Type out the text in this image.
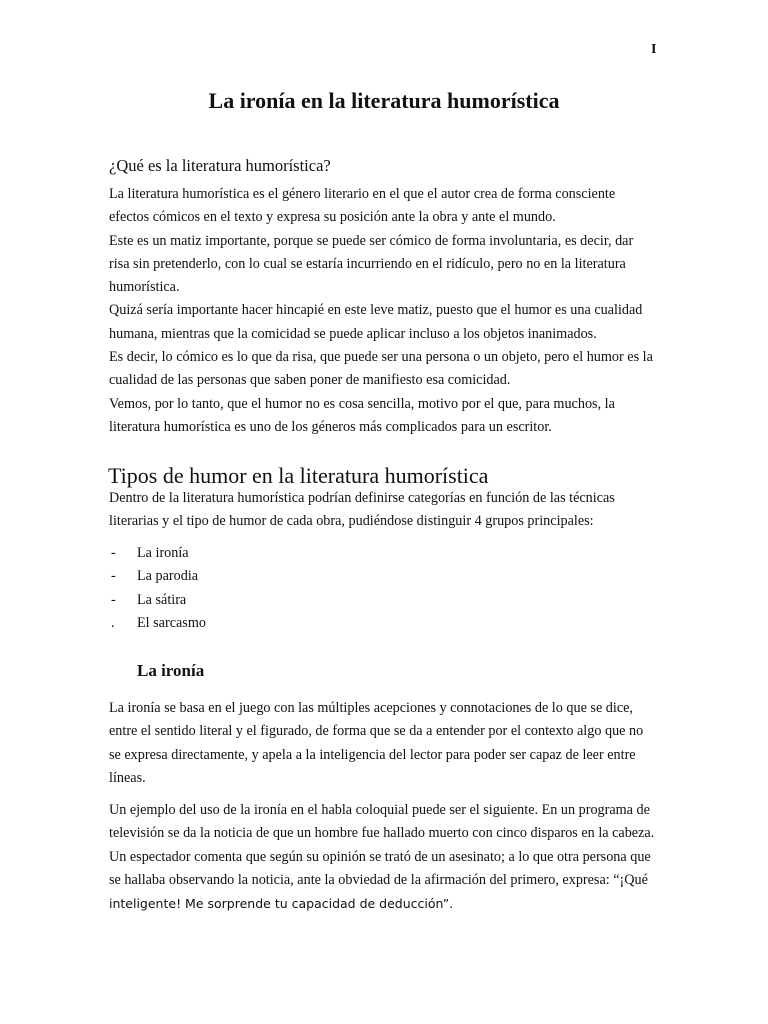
I
La ironía en la literatura humorística
¿Qué es la literatura humorística?
La literatura humorística es el género literario en el que el autor crea de forma consciente
efectos cómicos en el texto y expresa su posición ante la obra y ante el mundo.
Este es un matiz importante, porque se puede ser cómico de forma involuntaria, es decir, dar
risa sin pretenderlo, con lo cual se estaría incurriendo en el ridículo, pero no en la literatura
humorística.
Quizá sería importante hacer hincapié en este leve matiz, puesto que el humor es una cualidad
humana, mientras que la comicidad se puede aplicar incluso a los objetos inanimados.
Es decir, lo cómico es lo que da risa, que puede ser una persona o un objeto, pero el humor es la
cualidad de las personas que saben poner de manifiesto esa comicidad.
Vemos, por lo tanto, que el humor no es cosa sencilla, motivo por el que, para muchos, la
literatura humorística es uno de los géneros más complicados para un escritor.
Tipos de humor en la literatura humorística
Dentro de la literatura humorística podrían definirse categorías en función de las técnicas
literarias y el tipo de humor de cada obra, pudiéndose distinguir 4 grupos principales:
-	La ironía
-	La parodia
-	La sátira
.	El sarcasmo
La ironía
La ironía se basa en el juego con las múltiples acepciones y connotaciones de lo que se dice,
entre el sentido literal y el figurado, de forma que se da a entender por el contexto algo que no
se expresa directamente, y apela a la inteligencia del lector para poder ser capaz de leer entre
líneas.
Un ejemplo del uso de la ironía en el habla coloquial puede ser el siguiente. En un programa de
televisión se da la noticia de que un hombre fue hallado muerto con cinco disparos en la cabeza.
Un espectador comenta que según su opinión se trató de un asesinato; a lo que otra persona que
se hallaba observando la noticia, ante la obviedad de la afirmación del primero, expresa: “¡Qué
inteligente! Me sorprende tu capacidad de deducción”.
